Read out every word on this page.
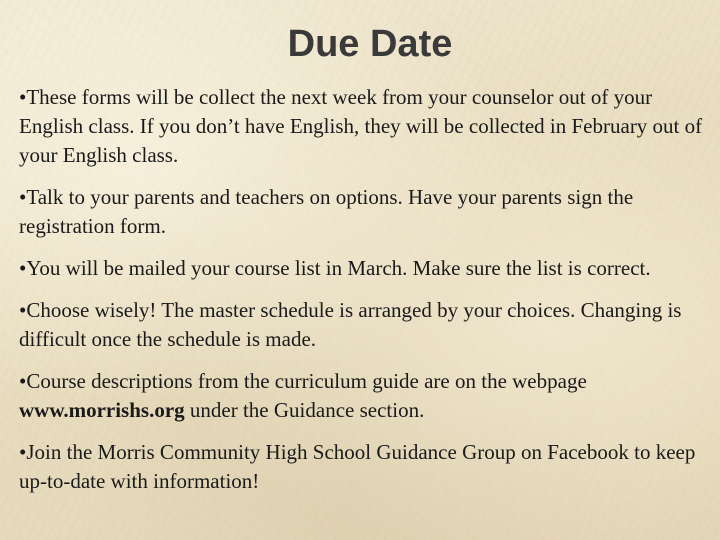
Due Date
•These forms will be collect the next week from your counselor out of your English class. If you don’t have English, they will be collected in February out of your English class.
•Talk to your parents and teachers on options. Have your parents sign the registration form.
•You will be mailed your course list in March. Make sure the list is correct.
•Choose wisely! The master schedule is arranged by your choices. Changing is difficult once the schedule is made.
•Course descriptions from the curriculum guide are on the webpage www.morrishs.org under the Guidance section.
•Join the Morris Community High School Guidance Group on Facebook to keep up-to-date with information!
